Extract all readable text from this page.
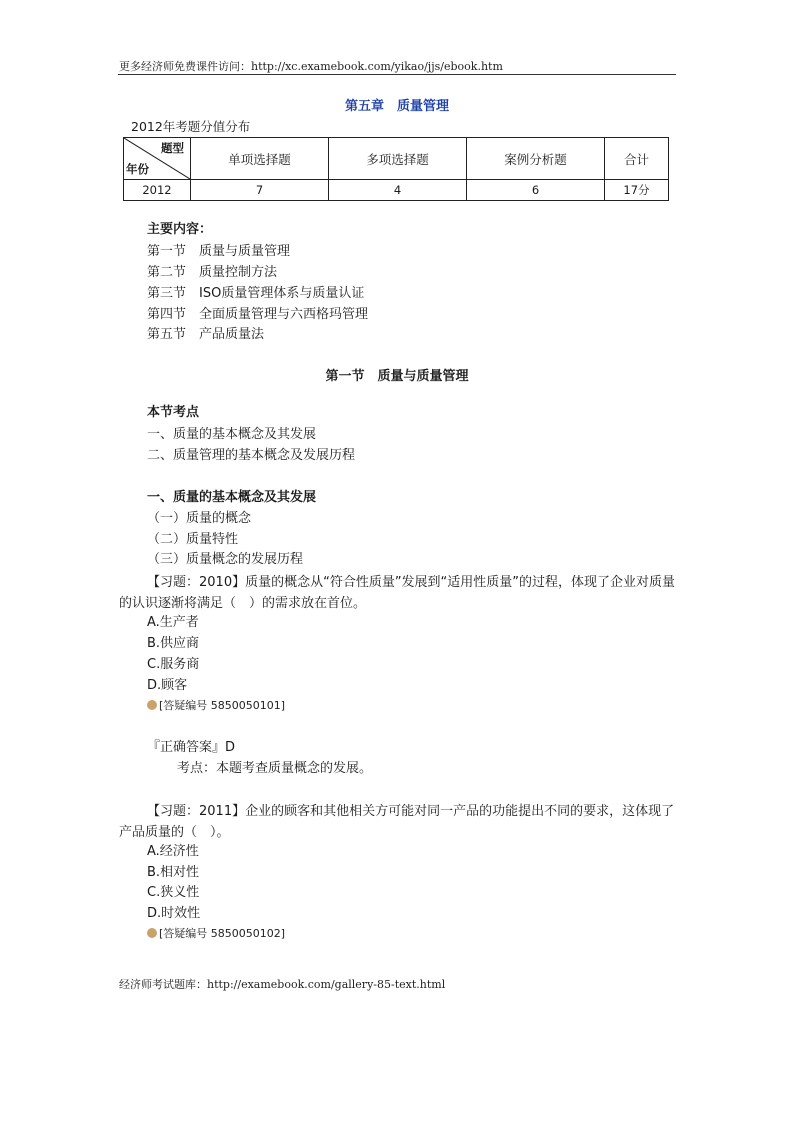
更多经济师免费课件访问：http://xc.examebook.com/yikao/jjs/ebook.htm
第五章　质量管理
2012年考题分值分布
题型
年份	单项选择题	多项选择题	案例分析题	合计
2012	7	4	6	17分
主要内容：
第一节　质量与质量管理
第二节　质量控制方法
第三节　ISO质量管理体系与质量认证
第四节　全面质量管理与六西格玛管理
第五节　产品质量法
第一节　质量与质量管理
本节考点
一、质量的基本概念及其发展
二、质量管理的基本概念及发展历程
一、质量的基本概念及其发展
（一）质量的概念
（二）质量特性
（三）质量概念的发展历程
【习题：2010】质量的概念从“符合性质量”发展到“适用性质量”的过程，体现了企业对质量的认识逐渐将满足（　）的需求放在首位。
A.生产者
B.供应商
C.服务商
D.顾客
[答疑编号 5850050101]
『正确答案』D
考点：本题考查质量概念的发展。
【习题：2011】企业的顾客和其他相关方可能对同一产品的功能提出不同的要求，这体现了产品质量的（　）。
A.经济性
B.相对性
C.狭义性
D.时效性
[答疑编号 5850050102]
经济师考试题库：http://examebook.com/gallery-85-text.html
